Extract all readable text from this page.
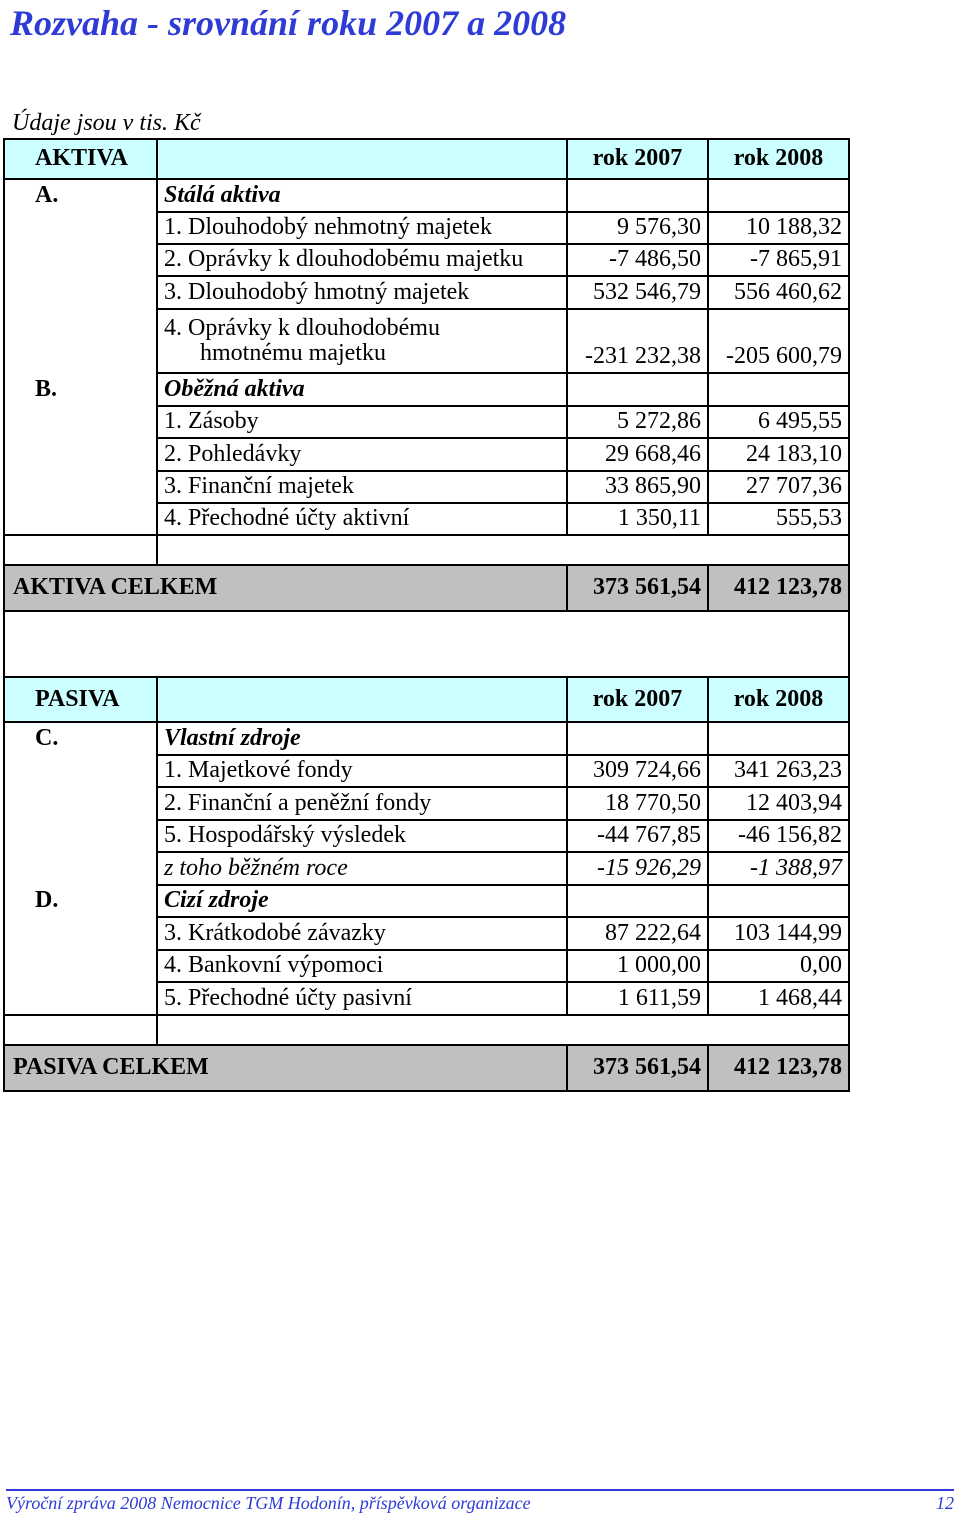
Rozvaha - srovnání roku 2007 a 2008
Údaje jsou v tis. Kč
AKTIVA		rok 2007	rok 2008
A.	Stálá aktiva		
	1. Dlouhodobý nehmotný majetek	9 576,30	10 188,32
	2. Oprávky k dlouhodobému majetku	-7 486,50	-7 865,91
	3. Dlouhodobý hmotný majetek	532 546,79	556 460,62
	4. Oprávky k dlouhodobému
hmotnému majetku	-231 232,38	-205 600,79
B.	Oběžná aktiva		
	1. Zásoby	5 272,86	6 495,55
	2. Pohledávky	29 668,46	24 183,10
	3. Finanční majetek	33 865,90	27 707,36
	4. Přechodné účty aktivní	1 350,11	555,53

AKTIVA CELKEM		373 561,54	412 123,78

PASIVA		rok 2007	rok 2008
C.	Vlastní zdroje		
	1. Majetkové fondy	309 724,66	341 263,23
	2. Finanční a peněžní fondy	18 770,50	12 403,94
	5. Hospodářský výsledek	-44 767,85	-46 156,82
	z toho běžném roce	-15 926,29	-1 388,97
D.	Cizí zdroje		
	3. Krátkodobé závazky	87 222,64	103 144,99
	4. Bankovní výpomoci	1 000,00	0,00
	5. Přechodné účty pasivní	1 611,59	1 468,44

PASIVA CELKEM		373 561,54	412 123,78
Výroční zpráva 2008 Nemocnice TGM Hodonín, příspěvková organizace	12
